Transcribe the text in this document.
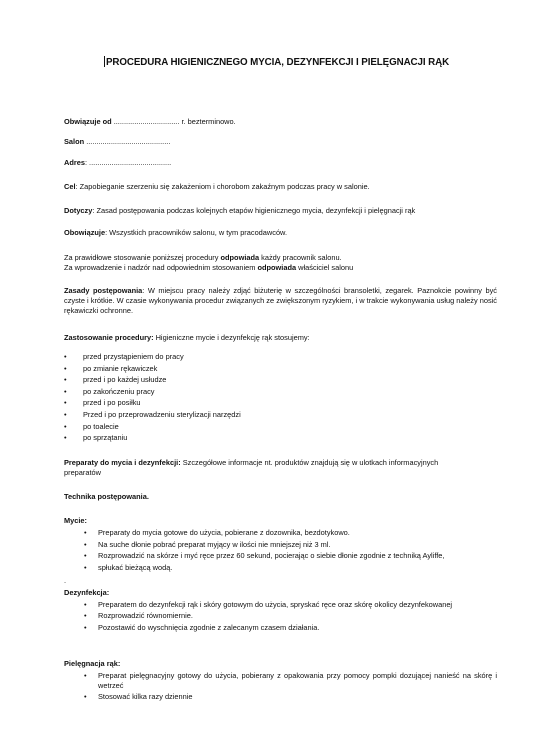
PROCEDURA HIGIENICZNEGO MYCIA, DEZYNFEKCJI I PIELĘGNACJI RĄK
Obwiązuje od ................................ r. bezterminowo.
Salon .........................................
Adres: ........................................
Cel: Zapobieganie szerzeniu się zakażeniom i chorobom zakaźnym podczas pracy w salonie.
Dotyczy: Zasad postępowania podczas kolejnych etapów higienicznego mycia, dezynfekcji i pielęgnacji rąk
Obowiązuje: Wszystkich pracowników salonu, w tym pracodawców.
Za prawidłowe stosowanie poniższej procedury odpowiada każdy pracownik salonu.
Za wprowadzenie i nadzór nad odpowiednim stosowaniem odpowiada właściciel salonu
Zasady postępowania: W miejscu pracy należy zdjąć biżuterię w szczególności bransoletki, zegarek. Paznokcie powinny być czyste i krótkie. W czasie wykonywania procedur związanych ze zwiększonym ryzykiem, i w trakcie wykonywania usług należy nosić rękawiczki ochronne.
Zastosowanie procedury: Higieniczne mycie i dezynfekcję rąk stosujemy:
• przed przystąpieniem do pracy
• po zmianie rękawiczek
• przed i po każdej usłudze
• po zakończeniu pracy
• przed i po posiłku
• Przed i po przeprowadzeniu sterylizacji narzędzi
• po toalecie
• po sprzątaniu
Preparaty do mycia i dezynfekcji: Szczegółowe informacje nt. produktów znajdują się w ulotkach informacyjnych preparatów
Technika postępowania.
Mycie:
• Preparaty do mycia gotowe do użycia, pobierane z dozownika, bezdotykowo.
• Na suche dłonie pobrać preparat myjący w ilości nie mniejszej niż 3 ml.
• Rozprowadzić na skórze i myć ręce przez 60 sekund, pocierając o siebie dłonie zgodnie z techniką Ayliffe,
• spłukać bieżącą wodą.
.
Dezynfekcja:
• Preparatem do dezynfekcji rąk i skóry gotowym do użycia, spryskać ręce oraz skórę okolicy dezynfekowanej
• Rozprowadzić równomiernie.
• Pozostawić do wyschnięcia zgodnie z zalecanym czasem działania.
Pielęgnacja rąk:
• Preparat pielęgnacyjny gotowy do użycia, pobierany z opakowania przy pomocy pompki dozującej nanieść na skórę i wetrzeć
• Stosować kilka razy dziennie
